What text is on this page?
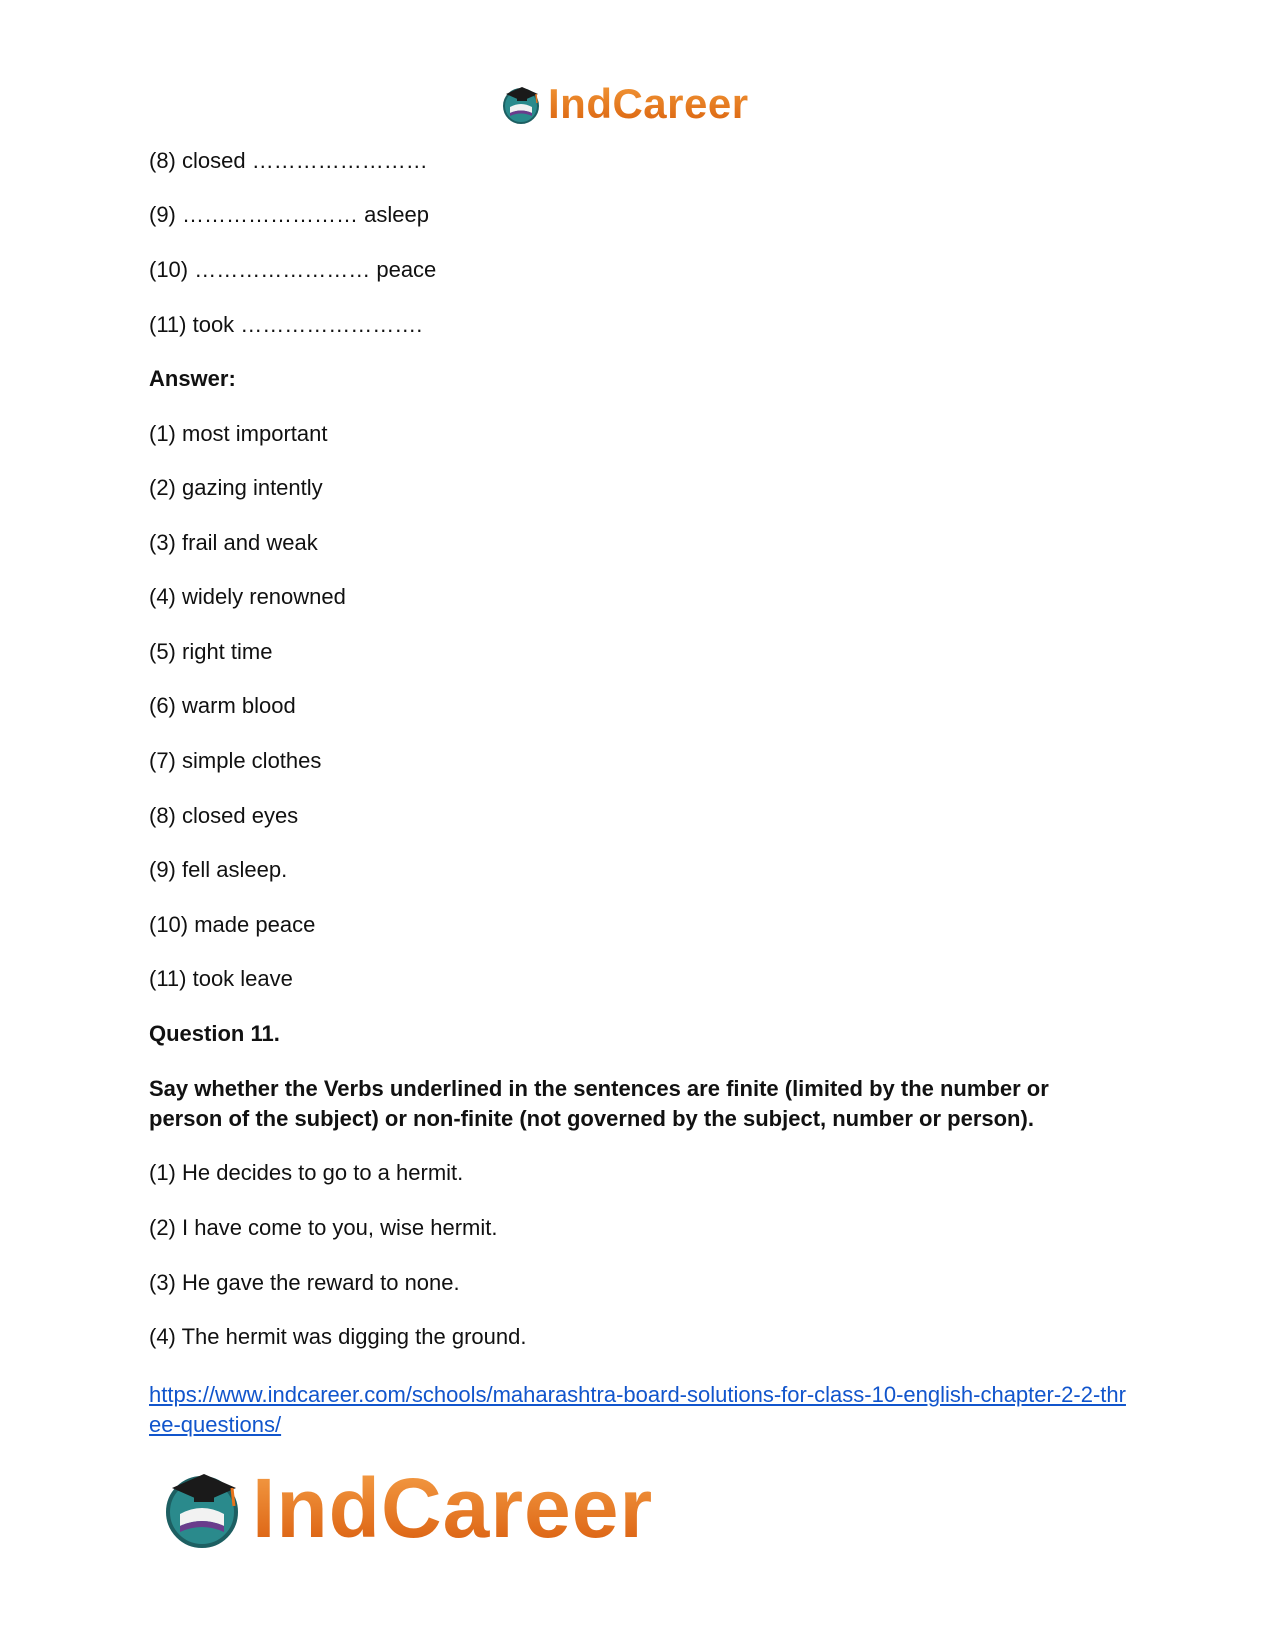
IndCareer
(8) closed ……………………
(9) …………………… asleep
(10) …………………… peace
(11) took …………………….
Answer:
(1) most important
(2) gazing intently
(3) frail and weak
(4) widely renowned
(5) right time
(6) warm blood
(7) simple clothes
(8) closed eyes
(9) fell asleep.
(10) made peace
(11) took leave
Question 11.
Say whether the Verbs underlined in the sentences are finite (limited by the number or person of the subject) or non-finite (not governed by the subject, number or person).
(1) He decides to go to a hermit.
(2) I have come to you, wise hermit.
(3) He gave the reward to none.
(4) The hermit was digging the ground.
https://www.indcareer.com/schools/maharashtra-board-solutions-for-class-10-english-chapter-2-2-three-questions/
IndCareer
